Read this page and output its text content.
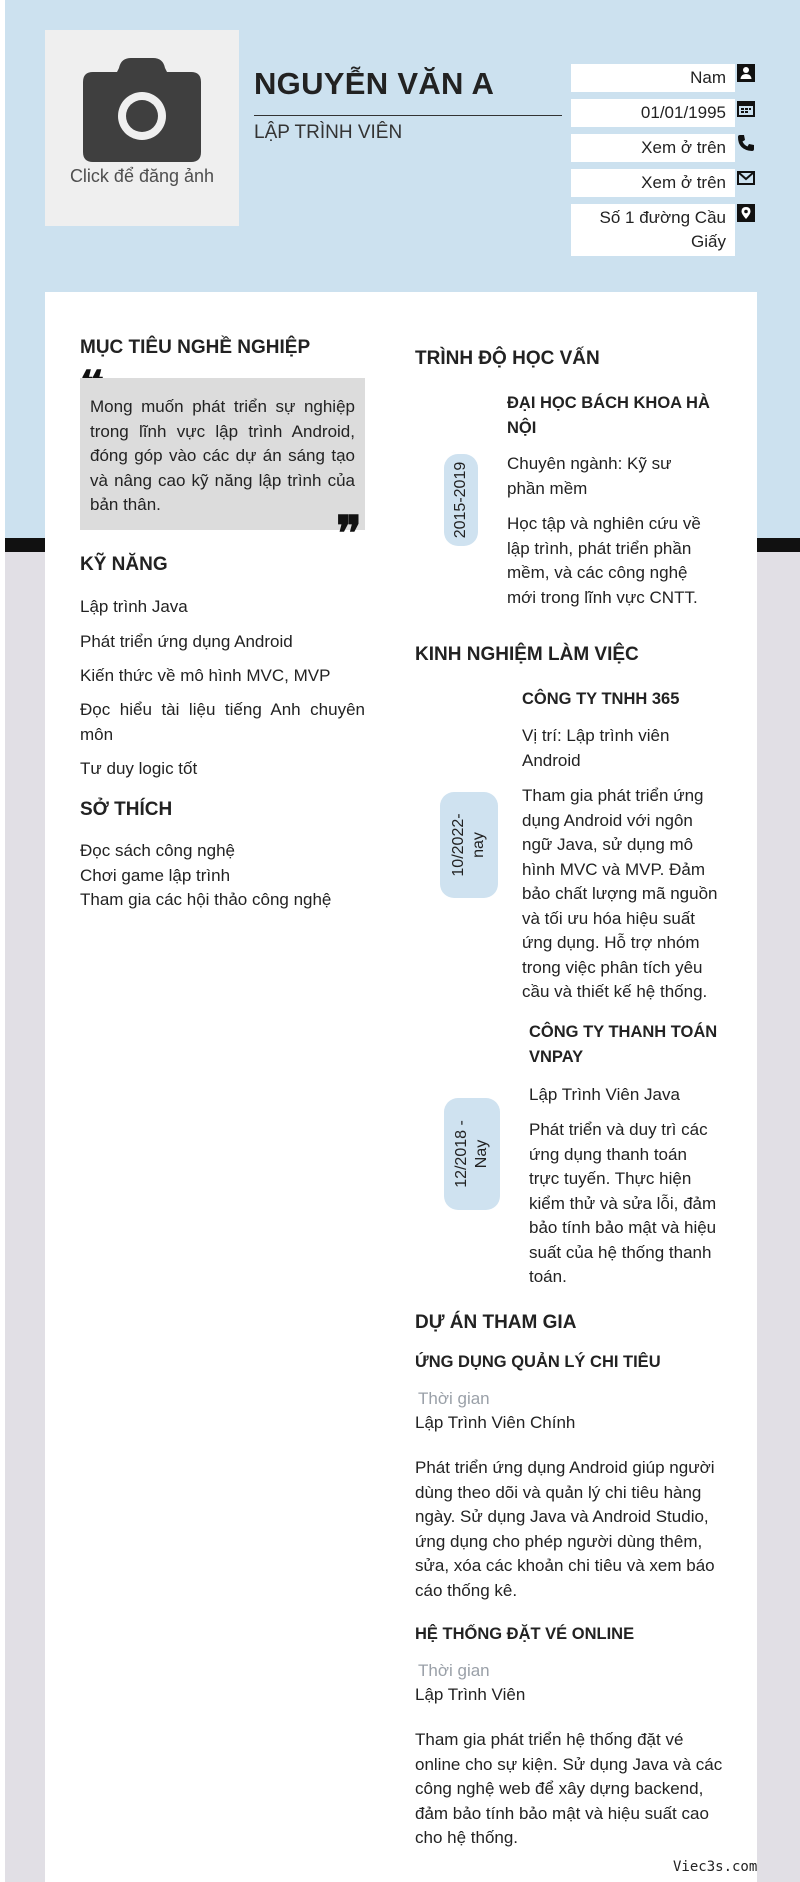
Click để đăng ảnh
NGUYỄN VĂN A
LẬP TRÌNH VIÊN
Nam
01/01/1995
Xem ở trên
Xem ở trên
Số 1 đường Cầu
Giấy
MỤC TIÊU NGHỀ NGHIỆP
Mong muốn phát triển sự nghiệp trong lĩnh vực lập trình Android, đóng góp vào các dự án sáng tạo và nâng cao kỹ năng lập trình của bản thân.
❞
KỸ NĂNG
Lập trình Java
Phát triển ứng dụng Android
Kiến thức về mô hình MVC, MVP
Đọc hiểu tài liệu tiếng Anh chuyên môn
Tư duy logic tốt
SỞ THÍCH
Đọc sách công nghệ
Chơi game lập trình
Tham gia các hội thảo công nghệ
TRÌNH ĐỘ HỌC VẤN
2015-2019
ĐẠI HỌC BÁCH KHOA HÀ
NỘI
Chuyên ngành: Kỹ sư
phần mềm
Học tập và nghiên cứu về
lập trình, phát triển phần
mềm, và các công nghệ
mới trong lĩnh vực CNTT.
KINH NGHIỆM LÀM VIỆC
10/2022- nay
CÔNG TY TNHH 365
Vị trí: Lập trình viên
Android
Tham gia phát triển ứng
dụng Android với ngôn
ngữ Java, sử dụng mô
hình MVC và MVP. Đảm
bảo chất lượng mã nguồn
và tối ưu hóa hiệu suất
ứng dụng. Hỗ trợ nhóm
trong việc phân tích yêu
cầu và thiết kế hệ thống.
12/2018 - Nay
CÔNG TY THANH TOÁN
VNPAY
Lập Trình Viên Java
Phát triển và duy trì các
ứng dụng thanh toán
trực tuyến. Thực hiện
kiểm thử và sửa lỗi, đảm
bảo tính bảo mật và hiệu
suất của hệ thống thanh
toán.
DỰ ÁN THAM GIA
ỨNG DỤNG QUẢN LÝ CHI TIÊU
Thời gian
Lập Trình Viên Chính
Phát triển ứng dụng Android giúp người
dùng theo dõi và quản lý chi tiêu hàng
ngày. Sử dụng Java và Android Studio,
ứng dụng cho phép người dùng thêm,
sửa, xóa các khoản chi tiêu và xem báo
cáo thống kê.
HỆ THỐNG ĐẶT VÉ ONLINE
Thời gian
Lập Trình Viên
Tham gia phát triển hệ thống đặt vé
online cho sự kiện. Sử dụng Java và các
công nghệ web để xây dựng backend,
đảm bảo tính bảo mật và hiệu suất cao
cho hệ thống.
Viec3s.com
